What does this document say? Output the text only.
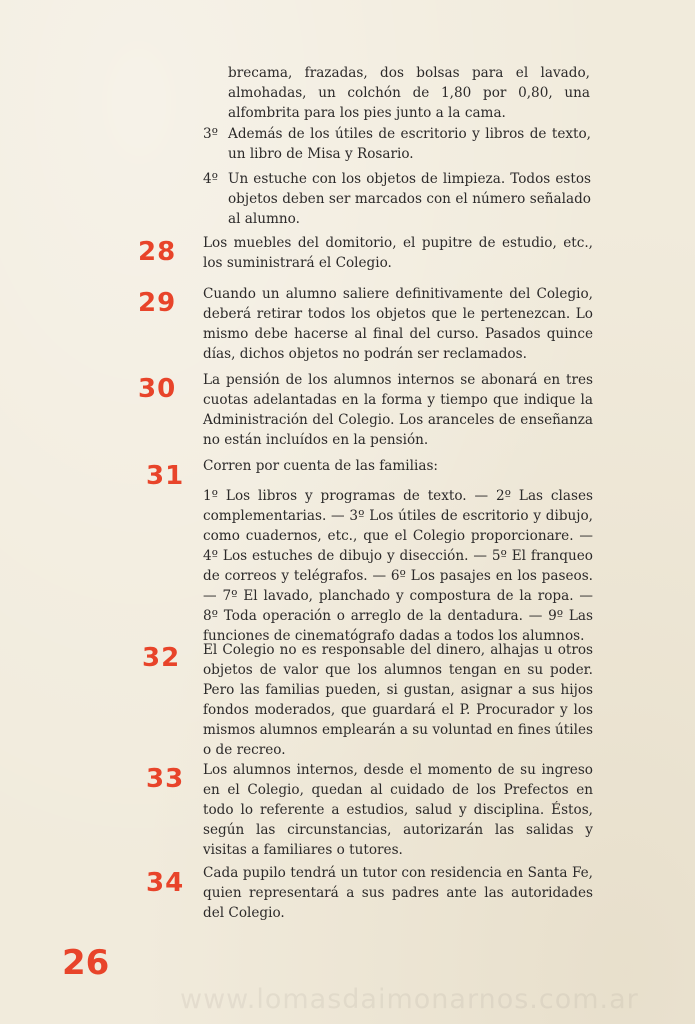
brecama, frazadas, dos bolsas para el lavado, almohadas, un colchón de 1,80 por 0,80, una alfombrita para los pies junto a la cama.
3º Además de los útiles de escritorio y libros de texto, un libro de Misa y Rosario.
4º Un estuche con los objetos de limpieza. Todos estos objetos deben ser marcados con el número señalado al alumno.
28 Los muebles del domitorio, el pupitre de estudio, etc., los suministrará el Colegio.

29 Cuando un alumno saliere definitivamente del Colegio, deberá retirar todos los objetos que le pertenezcan. Lo mismo debe hacerse al final del curso. Pasados quince días, dichos objetos no podrán ser reclamados.

30 La pensión de los alumnos internos se abonará en tres cuotas adelantadas en la forma y tiempo que indique la Administración del Colegio. Los aranceles de enseñanza no están incluídos en la pensión.

31 Corren por cuenta de las familias:

1º Los libros y programas de texto. — 2º Las clases complementarias. — 3º Los útiles de escritorio y dibujo, como cuadernos, etc., que el Colegio proporcionare. — 4º Los estuches de dibujo y disección. — 5º El franqueo de correos y telégrafos. — 6º Los pasajes en los paseos. — 7º El lavado, planchado y compostura de la ropa. — 8º Toda operación o arreglo de la dentadura. — 9º Las funciones de cinematógrafo dadas a todos los alumnos.

32 El Colegio no es responsable del dinero, alhajas u otros objetos de valor que los alumnos tengan en su poder. Pero las familias pueden, si gustan, asignar a sus hijos fondos moderados, que guardará el P. Procurador y los mismos alumnos emplearán a su voluntad en fines útiles o de recreo.

33 Los alumnos internos, desde el momento de su ingreso en el Colegio, quedan al cuidado de los Prefectos en todo lo referente a estudios, salud y disciplina. Éstos, según las circunstancias, autorizarán las salidas y visitas a familiares o tutores.

34 Cada pupilo tendrá un tutor con residencia en Santa Fe, quien representará a sus padres ante las autoridades del Colegio.

26
www.lomasdaimonarnos.com.ar
